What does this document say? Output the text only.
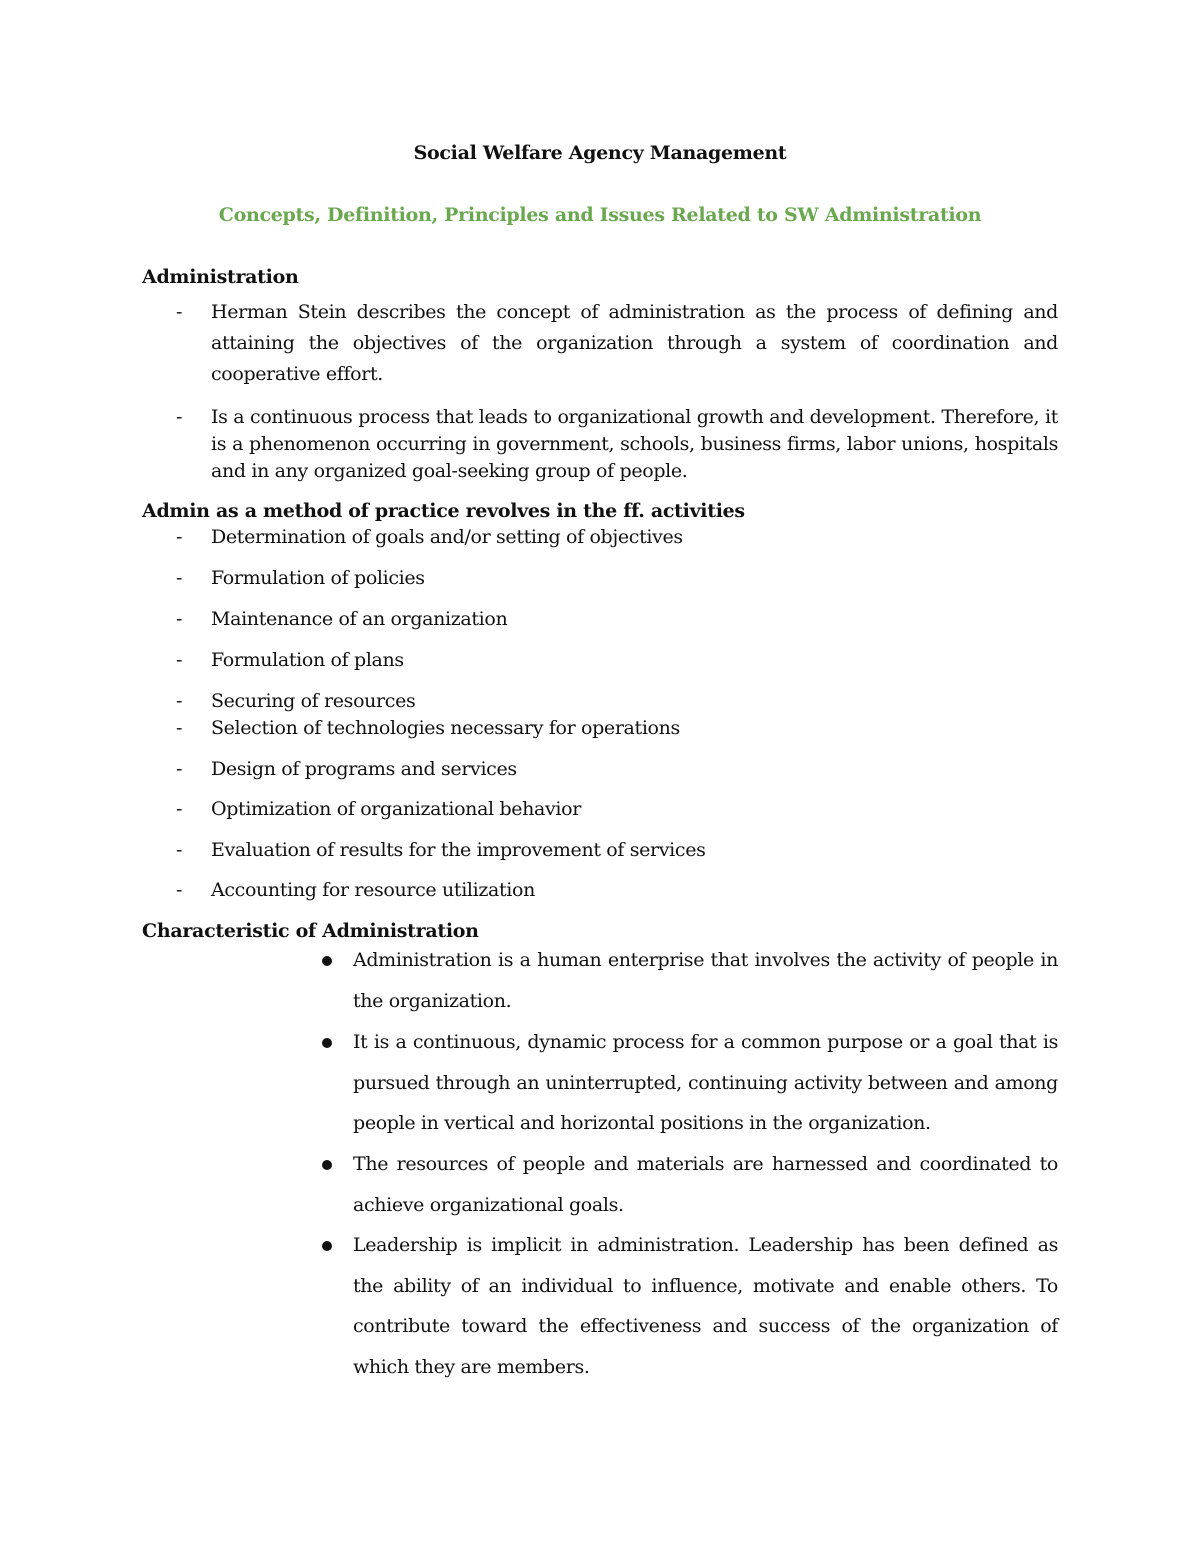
Social Welfare Agency Management
Concepts, Definition, Principles and Issues Related to SW Administration
Administration
- Herman Stein describes the concept of administration as the process of defining and attaining the objectives of the organization through a system of coordination and cooperative effort.
- Is a continuous process that leads to organizational growth and development. Therefore, it is a phenomenon occurring in government, schools, business firms, labor unions, hospitals and in any organized goal-seeking group of people.
Admin as a method of practice revolves in the ff. activities
- Determination of goals and/or setting of objectives
- Formulation of policies
- Maintenance of an organization
- Formulation of plans
- Securing of resources
- Selection of technologies necessary for operations
- Design of programs and services
- Optimization of organizational behavior
- Evaluation of results for the improvement of services
- Accounting for resource utilization
Characteristic of Administration
Administration is a human enterprise that involves the activity of people in the organization.
It is a continuous, dynamic process for a common purpose or a goal that is pursued through an uninterrupted, continuing activity between and among people in vertical and horizontal positions in the organization.
The resources of people and materials are harnessed and coordinated to achieve organizational goals.
Leadership is implicit in administration. Leadership has been defined as the ability of an individual to influence, motivate and enable others. To contribute toward the effectiveness and success of the organization of which they are members.
